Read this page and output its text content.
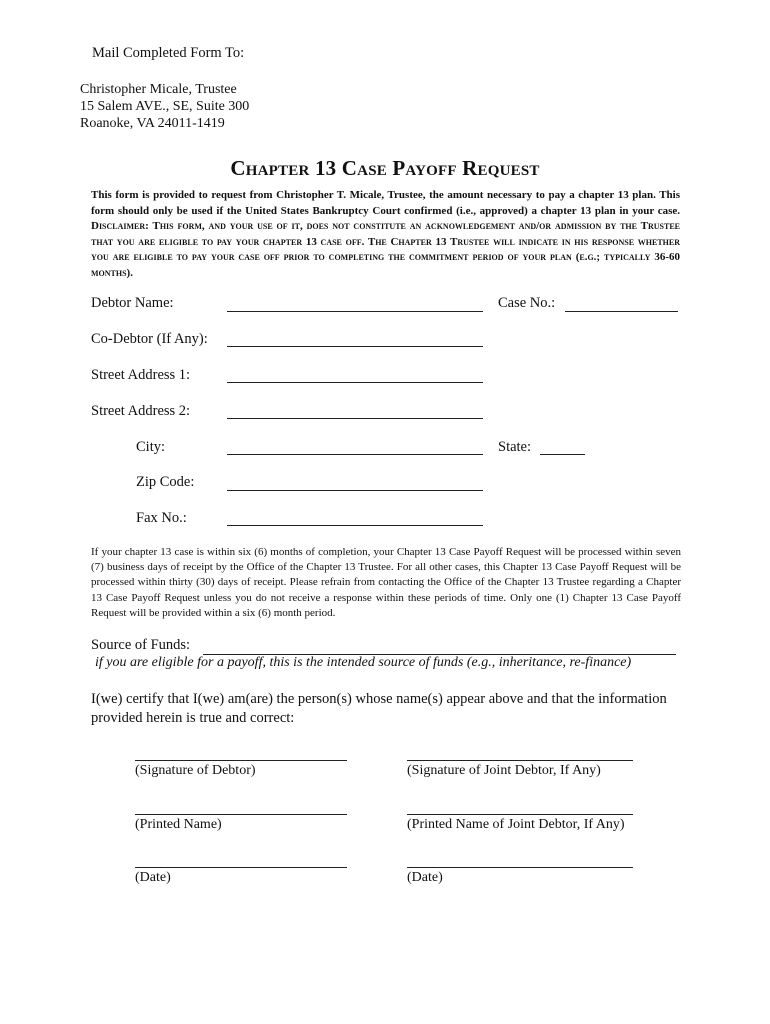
Mail Completed Form To:
Christopher Micale, Trustee
15 Salem AVE., SE, Suite 300
Roanoke, VA 24011-1419
Chapter 13 Case Payoff Request
This form is provided to request from Christopher T. Micale, Trustee, the amount necessary to pay a chapter 13 plan. This form should only be used if the United States Bankruptcy Court confirmed (i.e., approved) a chapter 13 plan in your case. Disclaimer: This form, and your use of it, does not constitute an acknowledgement and/or admission by the Trustee that you are eligible to pay your chapter 13 case off. The Chapter 13 Trustee will indicate in his response whether you are eligible to pay your case off prior to completing the commitment period of your plan (e.g.; typically 36-60 months).
Debtor Name:	Case No.:
Co-Debtor (If Any):
Street Address 1:
Street Address 2:
City:	State:
Zip Code:
Fax No.:
If your chapter 13 case is within six (6) months of completion, your Chapter 13 Case Payoff Request will be processed within seven (7) business days of receipt by the Office of the Chapter 13 Trustee. For all other cases, this Chapter 13 Case Payoff Request will be processed within thirty (30) days of receipt. Please refrain from contacting the Office of the Chapter 13 Trustee regarding a Chapter 13 Case Payoff Request unless you do not receive a response within these periods of time. Only one (1) Chapter 13 Case Payoff Request will be provided within a six (6) month period.
Source of Funds:
if you are eligible for a payoff, this is the intended source of funds (e.g., inheritance, re-finance)
I(we) certify that I(we) am(are) the person(s) whose name(s) appear above and that the information provided herein is true and correct:
(Signature of Debtor)	(Signature of Joint Debtor, If Any)
(Printed Name)	(Printed Name of Joint Debtor, If Any)
(Date)	(Date)
